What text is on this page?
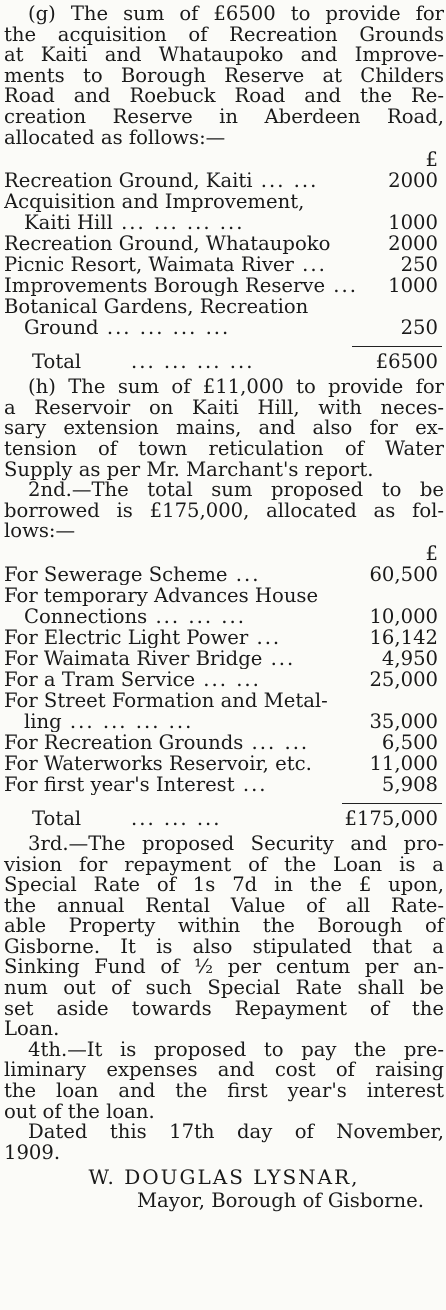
(g) The sum of £6500 to provide for
the acquisition of Recreation Grounds
at Kaiti and Whataupoko and Improve-
ments to Borough Reserve at Childers
Road and Roebuck Road and the Re-
creation Reserve in Aberdeen Road,
allocated as follows:—
£
Recreation Ground, Kaiti ... ...	2000
Acquisition and Improvement,
Kaiti Hill ... ... ... ...	1000
Recreation Ground, Whataupoko	2000
Picnic Resort, Waimata River ...	250
Improvements Borough Reserve ...	1000
Botanical Gardens, Recreation
Ground ... ... ... ...	250
Total	... ... ... ...	£6500
(h) The sum of £11,000 to provide for
a Reservoir on Kaiti Hill, with neces-
sary extension mains, and also for ex-
tension of town reticulation of Water
Supply as per Mr. Marchant's report.
2nd.—The total sum proposed to be
borrowed is £175,000, allocated as fol-
lows:—
£
For Sewerage Scheme ...	60,500
For temporary Advances House
Connections ... ... ...	10,000
For Electric Light Power ...	16,142
For Waimata River Bridge ...	4,950
For a Tram Service ... ...	25,000
For Street Formation and Metal-
ling ... ... ... ...	35,000
For Recreation Grounds ... ...	6,500
For Waterworks Reservoir, etc.	11,000
For first year's Interest ...	5,908
Total	... ... ...	£175,000
3rd.—The proposed Security and pro-
vision for repayment of the Loan is a
Special Rate of 1s 7d in the £ upon,
the annual Rental Value of all Rate-
able Property within the Borough of
Gisborne. It is also stipulated that a
Sinking Fund of ½ per centum per an-
num out of such Special Rate shall be
set aside towards Repayment of the
Loan.
4th.—It is proposed to pay the pre-
liminary expenses and cost of raising
the loan and the first year's interest
out of the loan.
Dated this 17th day of November,
1909.
W. DOUGLAS LYSNAR,
Mayor, Borough of Gisborne.
